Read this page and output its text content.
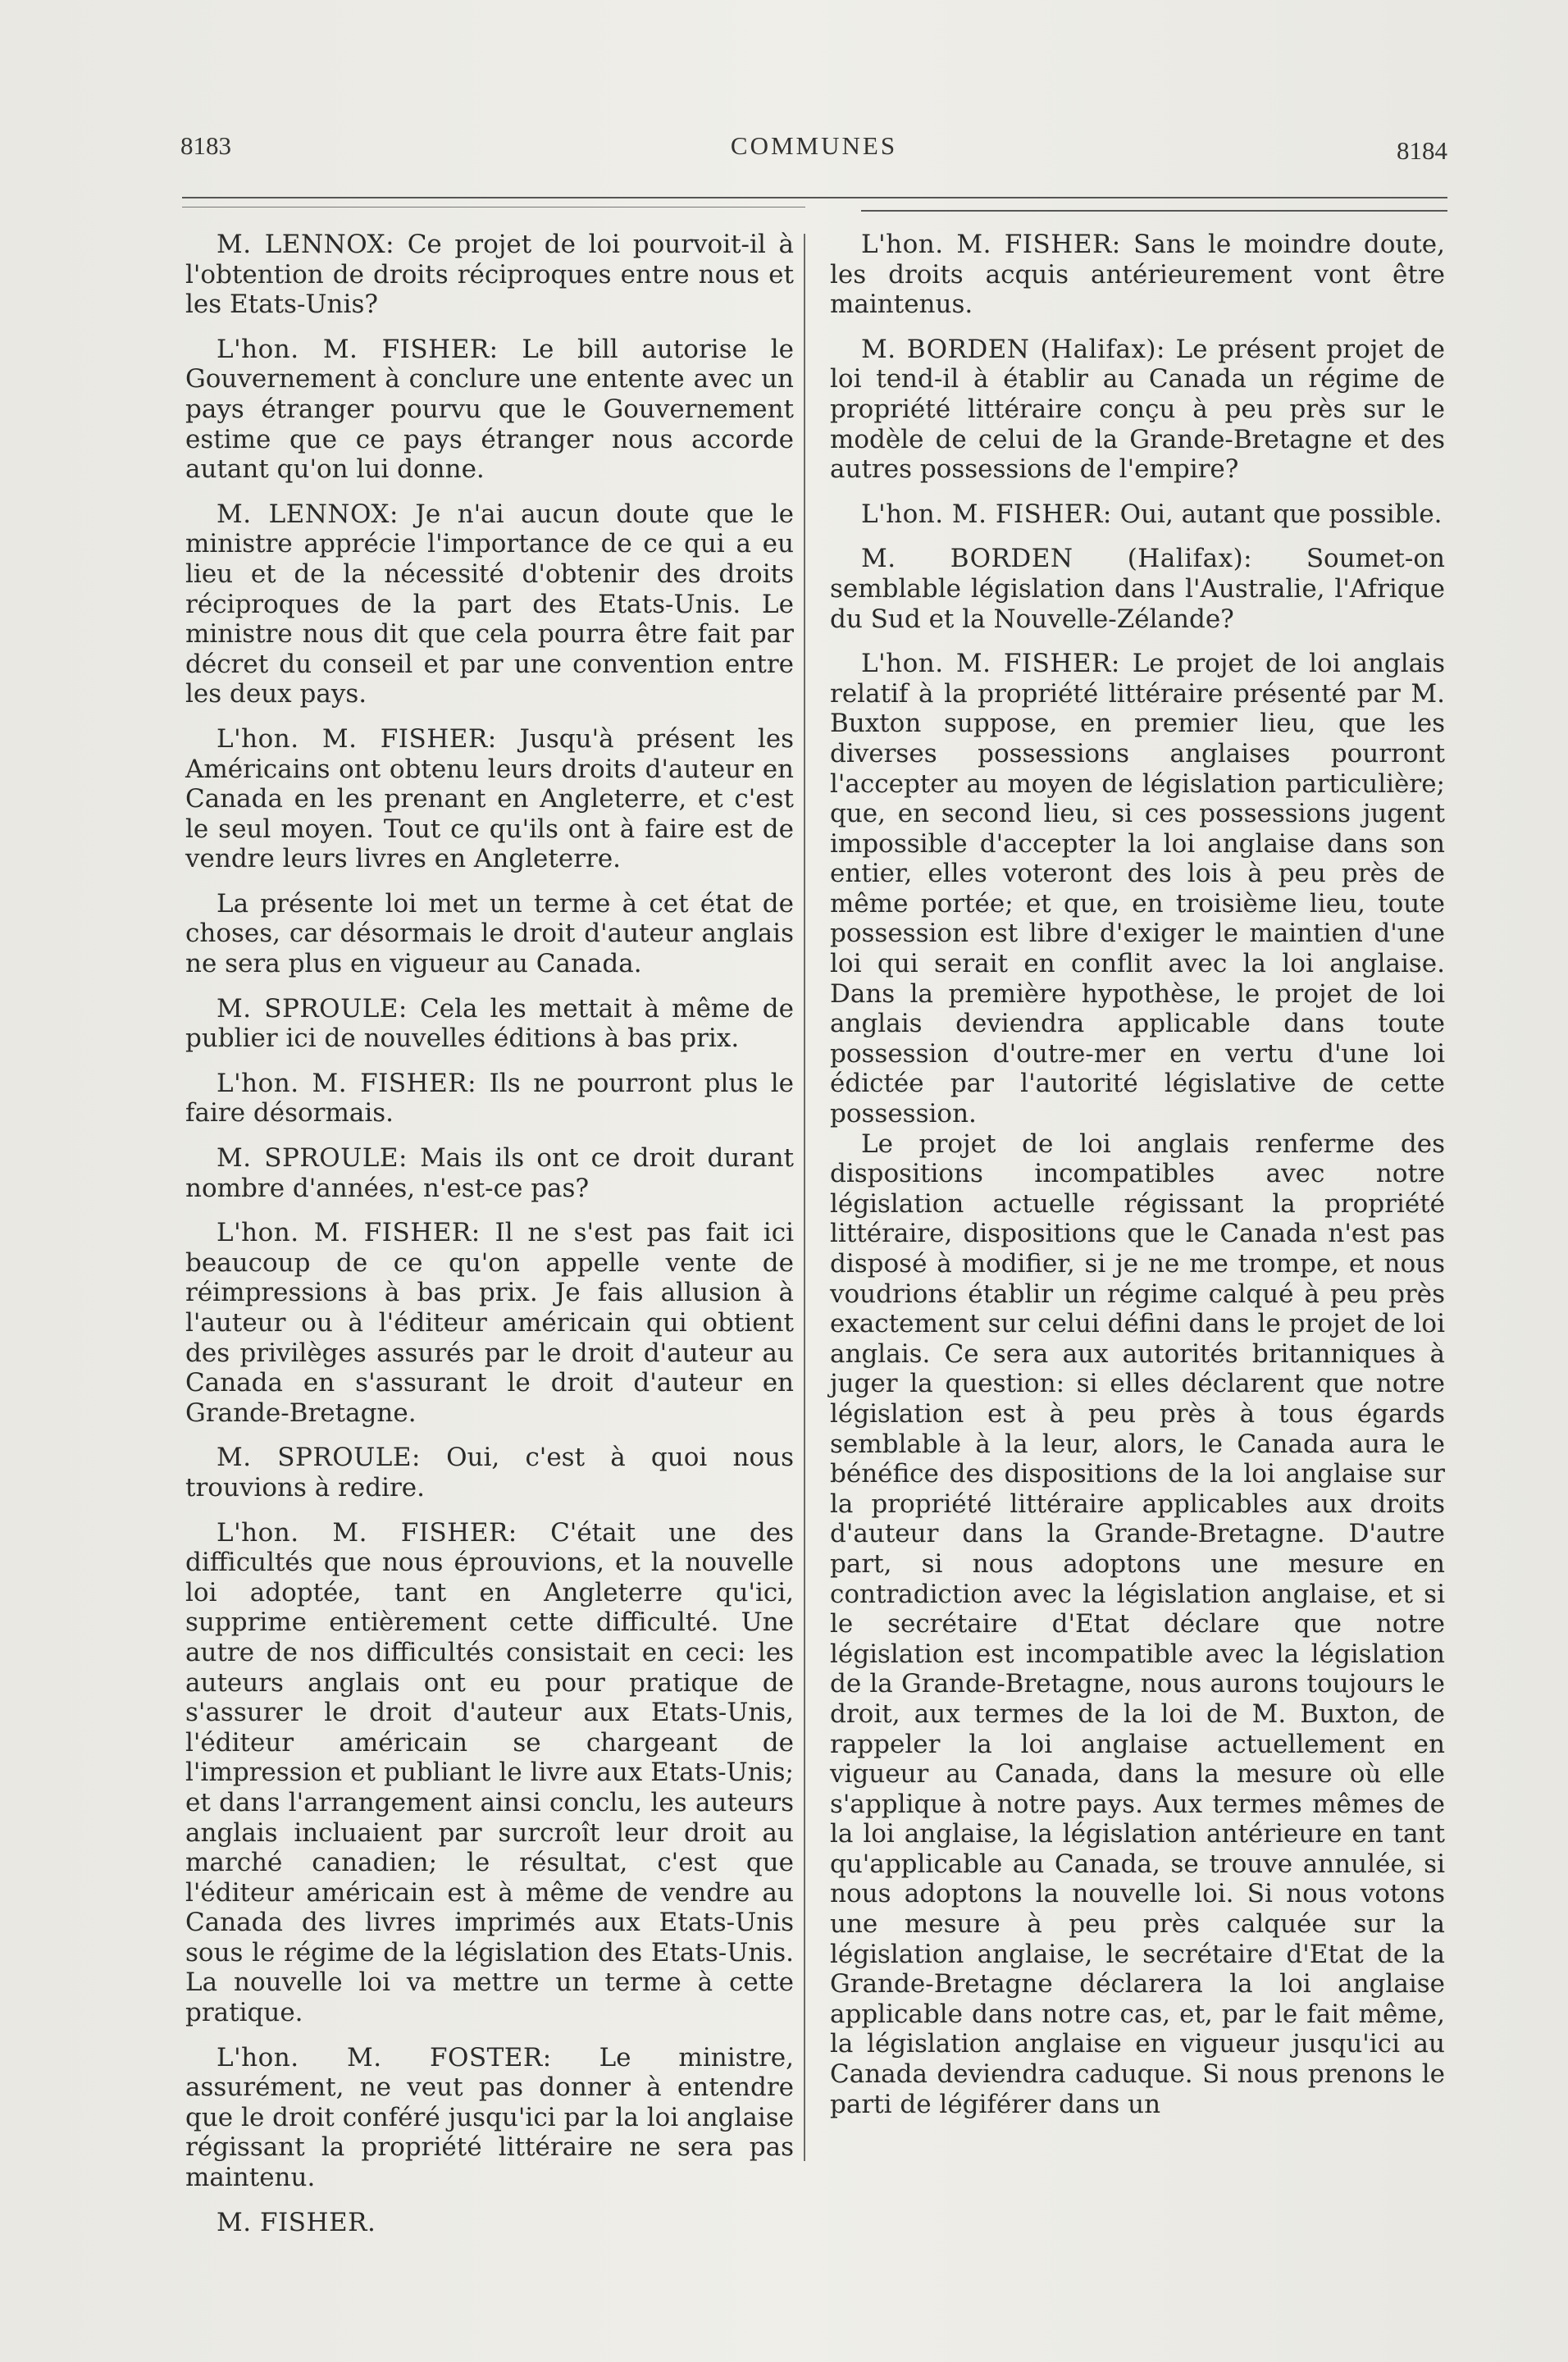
8183	COMMUNES	8184

M. LENNOX: Ce projet de loi pourvoit-il à l'obtention de droits réciproques entre nous et les Etats-Unis?

L'hon. M. FISHER: Le bill autorise le Gouvernement à conclure une entente avec un pays étranger pourvu que le Gouvernement estime que ce pays étranger nous accorde autant qu'on lui donne.

M. LENNOX: Je n'ai aucun doute que le ministre apprécie l'importance de ce qui a eu lieu et de la nécessité d'obtenir des droits réciproques de la part des Etats-Unis. Le ministre nous dit que cela pourra être fait par décret du conseil et par une convention entre les deux pays.

L'hon. M. FISHER: Jusqu'à présent les Américains ont obtenu leurs droits d'auteur en Canada en les prenant en Angleterre, et c'est le seul moyen. Tout ce qu'ils ont à faire est de vendre leurs livres en Angleterre.

La présente loi met un terme à cet état de choses, car désormais le droit d'auteur anglais ne sera plus en vigueur au Canada.

M. SPROULE: Cela les mettait à même de publier ici de nouvelles éditions à bas prix.

L'hon. M. FISHER: Ils ne pourront plus le faire désormais.

M. SPROULE: Mais ils ont ce droit durant nombre d'années, n'est-ce pas?

L'hon. M. FISHER: Il ne s'est pas fait ici beaucoup de ce qu'on appelle vente de réimpressions à bas prix. Je fais allusion à l'auteur ou à l'éditeur américain qui obtient des privilèges assurés par le droit d'auteur au Canada en s'assurant le droit d'auteur en Grande-Bretagne.

M. SPROULE: Oui, c'est à quoi nous trouvions à redire.

L'hon. M. FISHER: C'était une des difficultés que nous éprouvions, et la nouvelle loi adoptée, tant en Angleterre qu'ici, supprime entièrement cette difficulté. Une autre de nos difficultés consistait en ceci: les auteurs anglais ont eu pour pratique de s'assurer le droit d'auteur aux Etats-Unis, l'éditeur américain se chargeant de l'impression et publiant le livre aux Etats-Unis; et dans l'arrangement ainsi conclu, les auteurs anglais incluaient par surcroît leur droit au marché canadien; le résultat, c'est que l'éditeur américain est à même de vendre au Canada des livres imprimés aux Etats-Unis sous le régime de la législation des Etats-Unis. La nouvelle loi va mettre un terme à cette pratique.

L'hon. M. FOSTER: Le ministre, assurément, ne veut pas donner à entendre que le droit conféré jusqu'ici par la loi anglaise régissant la propriété littéraire ne sera pas maintenu.

M. FISHER.

L'hon. M. FISHER: Sans le moindre doute, les droits acquis antérieurement vont être maintenus.

M. BORDEN (Halifax): Le présent projet de loi tend-il à établir au Canada un régime de propriété littéraire conçu à peu près sur le modèle de celui de la Grande-Bretagne et des autres possessions de l'empire?

L'hon. M. FISHER: Oui, autant que possible.

M. BORDEN (Halifax): Soumet-on semblable législation dans l'Australie, l'Afrique du Sud et la Nouvelle-Zélande?

L'hon. M. FISHER: Le projet de loi anglais relatif à la propriété littéraire présenté par M. Buxton suppose, en premier lieu, que les diverses possessions anglaises pourront l'accepter au moyen de législation particulière; que, en second lieu, si ces possessions jugent impossible d'accepter la loi anglaise dans son entier, elles voteront des lois à peu près de même portée; et que, en troisième lieu, toute possession est libre d'exiger le maintien d'une loi qui serait en conflit avec la loi anglaise. Dans la première hypothèse, le projet de loi anglais deviendra applicable dans toute possession d'outre-mer en vertu d'une loi édictée par l'autorité législative de cette possession.

Le projet de loi anglais renferme des dispositions incompatibles avec notre législation actuelle régissant la propriété littéraire, dispositions que le Canada n'est pas disposé à modifier, si je ne me trompe, et nous voudrions établir un régime calqué à peu près exactement sur celui défini dans le projet de loi anglais. Ce sera aux autorités britanniques à juger la question: si elles déclarent que notre législation est à peu près à tous égards semblable à la leur, alors, le Canada aura le bénéfice des dispositions de la loi anglaise sur la propriété littéraire applicables aux droits d'auteur dans la Grande-Bretagne. D'autre part, si nous adoptons une mesure en contradiction avec la législation anglaise, et si le secrétaire d'Etat déclare que notre législation est incompatible avec la législation de la Grande-Bretagne, nous aurons toujours le droit, aux termes de la loi de M. Buxton, de rappeler la loi anglaise actuellement en vigueur au Canada, dans la mesure où elle s'applique à notre pays. Aux termes mêmes de la loi anglaise, la législation antérieure en tant qu'applicable au Canada, se trouve annulée, si nous adoptons la nouvelle loi. Si nous votons une mesure à peu près calquée sur la législation anglaise, le secrétaire d'Etat de la Grande-Bretagne déclarera la loi anglaise applicable dans notre cas, et, par le fait même, la législation anglaise en vigueur jusqu'ici au Canada deviendra caduque. Si nous prenons le parti de légiférer dans un
